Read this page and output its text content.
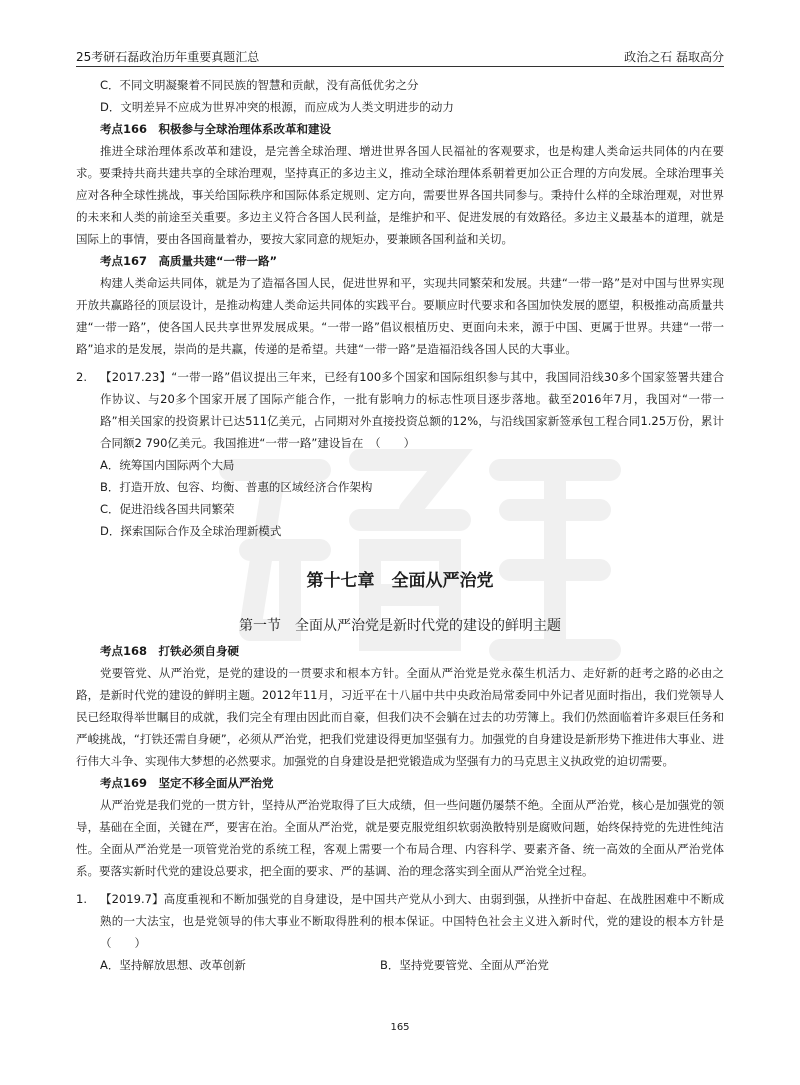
25考研石磊政治历年重要真题汇总	政治之石 磊取高分
C．不同文明凝聚着不同民族的智慧和贡献，没有高低优劣之分
D．文明差异不应成为世界冲突的根源，而应成为人类文明进步的动力
考点166　积极参与全球治理体系改革和建设
推进全球治理体系改革和建设，是完善全球治理、增进世界各国人民福祉的客观要求，也是构建人类命运共同体的内在要求。要秉持共商共建共享的全球治理观，坚持真正的多边主义，推动全球治理体系朝着更加公正合理的方向发展。全球治理事关应对各种全球性挑战，事关给国际秩序和国际体系定规则、定方向，需要世界各国共同参与。秉持什么样的全球治理观，对世界的未来和人类的前途至关重要。多边主义符合各国人民利益，是维护和平、促进发展的有效路径。多边主义最基本的道理，就是国际上的事情，要由各国商量着办，要按大家同意的规矩办，要兼顾各国利益和关切。
考点167　高质量共建“一带一路”
构建人类命运共同体，就是为了造福各国人民，促进世界和平，实现共同繁荣和发展。共建“一带一路”是对中国与世界实现开放共赢路径的顶层设计，是推动构建人类命运共同体的实践平台。要顺应时代要求和各国加快发展的愿望，积极推动高质量共建“一带一路”，使各国人民共享世界发展成果。“一带一路”倡议根植历史、更面向未来，源于中国、更属于世界。共建“一带一路”追求的是发展，崇尚的是共赢，传递的是希望。共建“一带一路”是造福沿线各国人民的大事业。
2. 【2017.23】“一带一路”倡议提出三年来，已经有100多个国家和国际组织参与其中，我国同沿线30多个国家签署共建合作协议、与20多个国家开展了国际产能合作，一批有影响力的标志性项目逐步落地。截至2016年7月，我国对“一带一路”相关国家的投资累计已达511亿美元，占同期对外直接投资总额的12%，与沿线国家新签承包工程合同1.25万份，累计合同额2 790亿美元。我国推进“一带一路”建设旨在　（　　）
A．统筹国内国际两个大局
B．打造开放、包容、均衡、普惠的区域经济合作架构
C．促进沿线各国共同繁荣
D．探索国际合作及全球治理新模式
第十七章　全面从严治党
第一节　全面从严治党是新时代党的建设的鲜明主题
考点168　打铁必须自身硬
党要管党、从严治党，是党的建设的一贯要求和根本方针。全面从严治党是党永葆生机活力、走好新的赶考之路的必由之路，是新时代党的建设的鲜明主题。2012年11月，习近平在十八届中共中央政治局常委同中外记者见面时指出，我们党领导人民已经取得举世瞩目的成就，我们完全有理由因此而自豪，但我们决不会躺在过去的功劳簿上。我们仍然面临着许多艰巨任务和严峻挑战，“打铁还需自身硬”，必须从严治党，把我们党建设得更加坚强有力。加强党的自身建设是新形势下推进伟大事业、进行伟大斗争、实现伟大梦想的必然要求。加强党的自身建设是把党锻造成为坚强有力的马克思主义执政党的迫切需要。
考点169　坚定不移全面从严治党
从严治党是我们党的一贯方针，坚持从严治党取得了巨大成绩，但一些问题仍屡禁不绝。全面从严治党，核心是加强党的领导，基础在全面，关键在严，要害在治。全面从严治党，就是要克服党组织软弱涣散特别是腐败问题，始终保持党的先进性纯洁性。全面从严治党是一项管党治党的系统工程，客观上需要一个布局合理、内容科学、要素齐备、统一高效的全面从严治党体系。要落实新时代党的建设总要求，把全面的要求、严的基调、治的理念落实到全面从严治党全过程。
1. 【2019.7】高度重视和不断加强党的自身建设，是中国共产党从小到大、由弱到强，从挫折中奋起、在战胜困难中不断成熟的一大法宝，也是党领导的伟大事业不断取得胜利的根本保证。中国特色社会主义进入新时代，党的建设的根本方针是　（　　）
A．坚持解放思想、改革创新	B．坚持党要管党、全面从严治党
165
